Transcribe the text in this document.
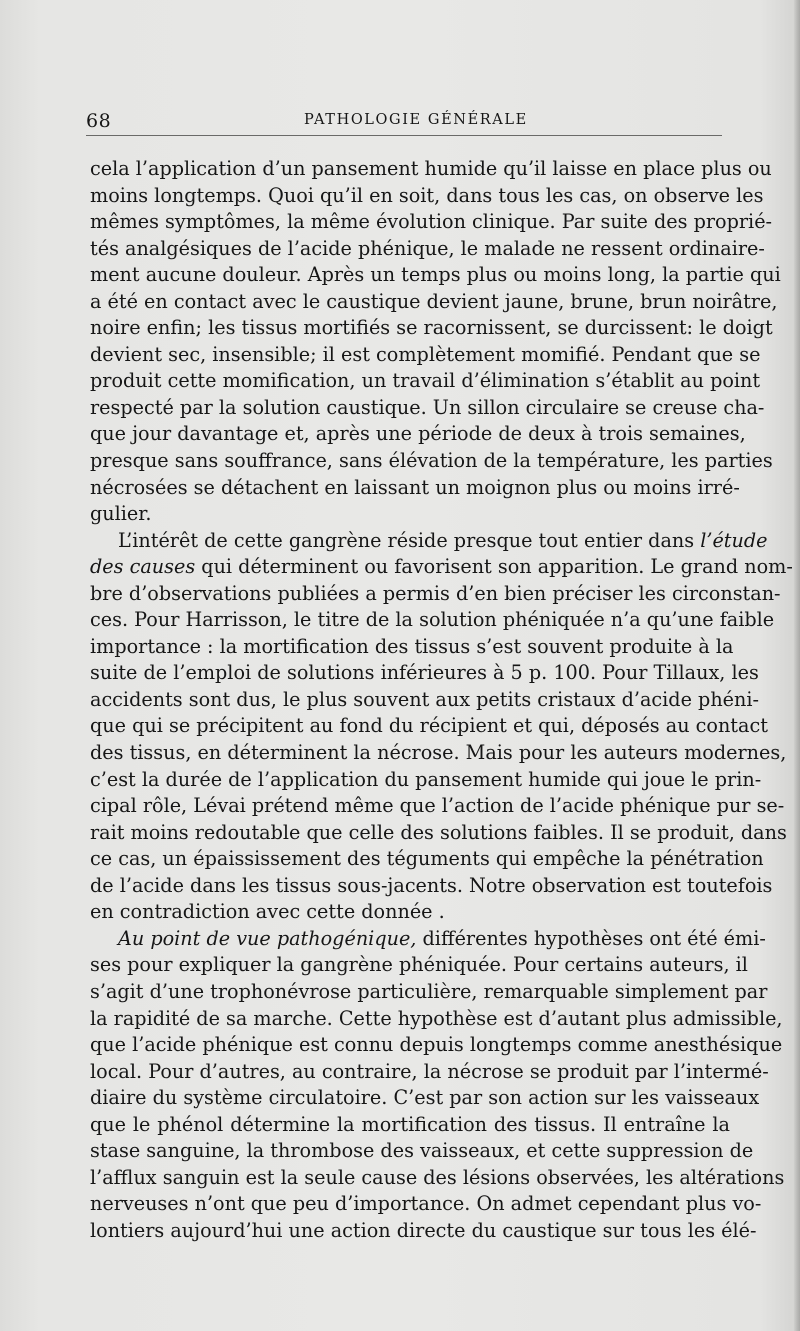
68	PATHOLOGIE GÉNÉRALE
cela l’application d’un pansement humide qu’il laisse en place plus ou
moins longtemps. Quoi qu’il en soit, dans tous les cas, on observe les
mêmes symptômes, la même évolution clinique. Par suite des proprié-
tés analgésiques de l’acide phénique, le malade ne ressent ordinaire-
ment aucune douleur. Après un temps plus ou moins long, la partie qui
a été en contact avec le caustique devient jaune, brune, brun noirâtre,
noire enfin; les tissus mortifiés se racornissent, se durcissent: le doigt
devient sec, insensible; il est complètement momifié. Pendant que se
produit cette momification, un travail d’élimination s’établit au point
respecté par la solution caustique. Un sillon circulaire se creuse cha-
que jour davantage et, après une période de deux à trois semaines,
presque sans souffrance, sans élévation de la température, les parties
nécrosées se détachent en laissant un moignon plus ou moins irré-
gulier.
L’intérêt de cette gangrène réside presque tout entier dans l’étude
des causes qui déterminent ou favorisent son apparition. Le grand nom-
bre d’observations publiées a permis d’en bien préciser les circonstan-
ces. Pour Harrisson, le titre de la solution phéniquée n’a qu’une faible
importance : la mortification des tissus s’est souvent produite à la
suite de l’emploi de solutions inférieures à 5 p. 100. Pour Tillaux, les
accidents sont dus, le plus souvent aux petits cristaux d’acide phéni-
que qui se précipitent au fond du récipient et qui, déposés au contact
des tissus, en déterminent la nécrose. Mais pour les auteurs modernes,
c’est la durée de l’application du pansement humide qui joue le prin-
cipal rôle, Lévai prétend même que l’action de l’acide phénique pur se-
rait moins redoutable que celle des solutions faibles. Il se produit, dans
ce cas, un épaississement des téguments qui empêche la pénétration
de l’acide dans les tissus sous-jacents. Notre observation est toutefois
en contradiction avec cette donnée .
Au point de vue pathogénique, différentes hypothèses ont été émi-
ses pour expliquer la gangrène phéniquée. Pour certains auteurs, il
s’agit d’une trophonévrose particulière, remarquable simplement par
la rapidité de sa marche. Cette hypothèse est d’autant plus admissible,
que l’acide phénique est connu depuis longtemps comme anesthésique
local. Pour d’autres, au contraire, la nécrose se produit par l’intermé-
diaire du système circulatoire. C’est par son action sur les vaisseaux
que le phénol détermine la mortification des tissus. Il entraîne la
stase sanguine, la thrombose des vaisseaux, et cette suppression de
l’afflux sanguin est la seule cause des lésions observées, les altérations
nerveuses n’ont que peu d’importance. On admet cependant plus vo-
lontiers aujourd’hui une action directe du caustique sur tous les élé-
